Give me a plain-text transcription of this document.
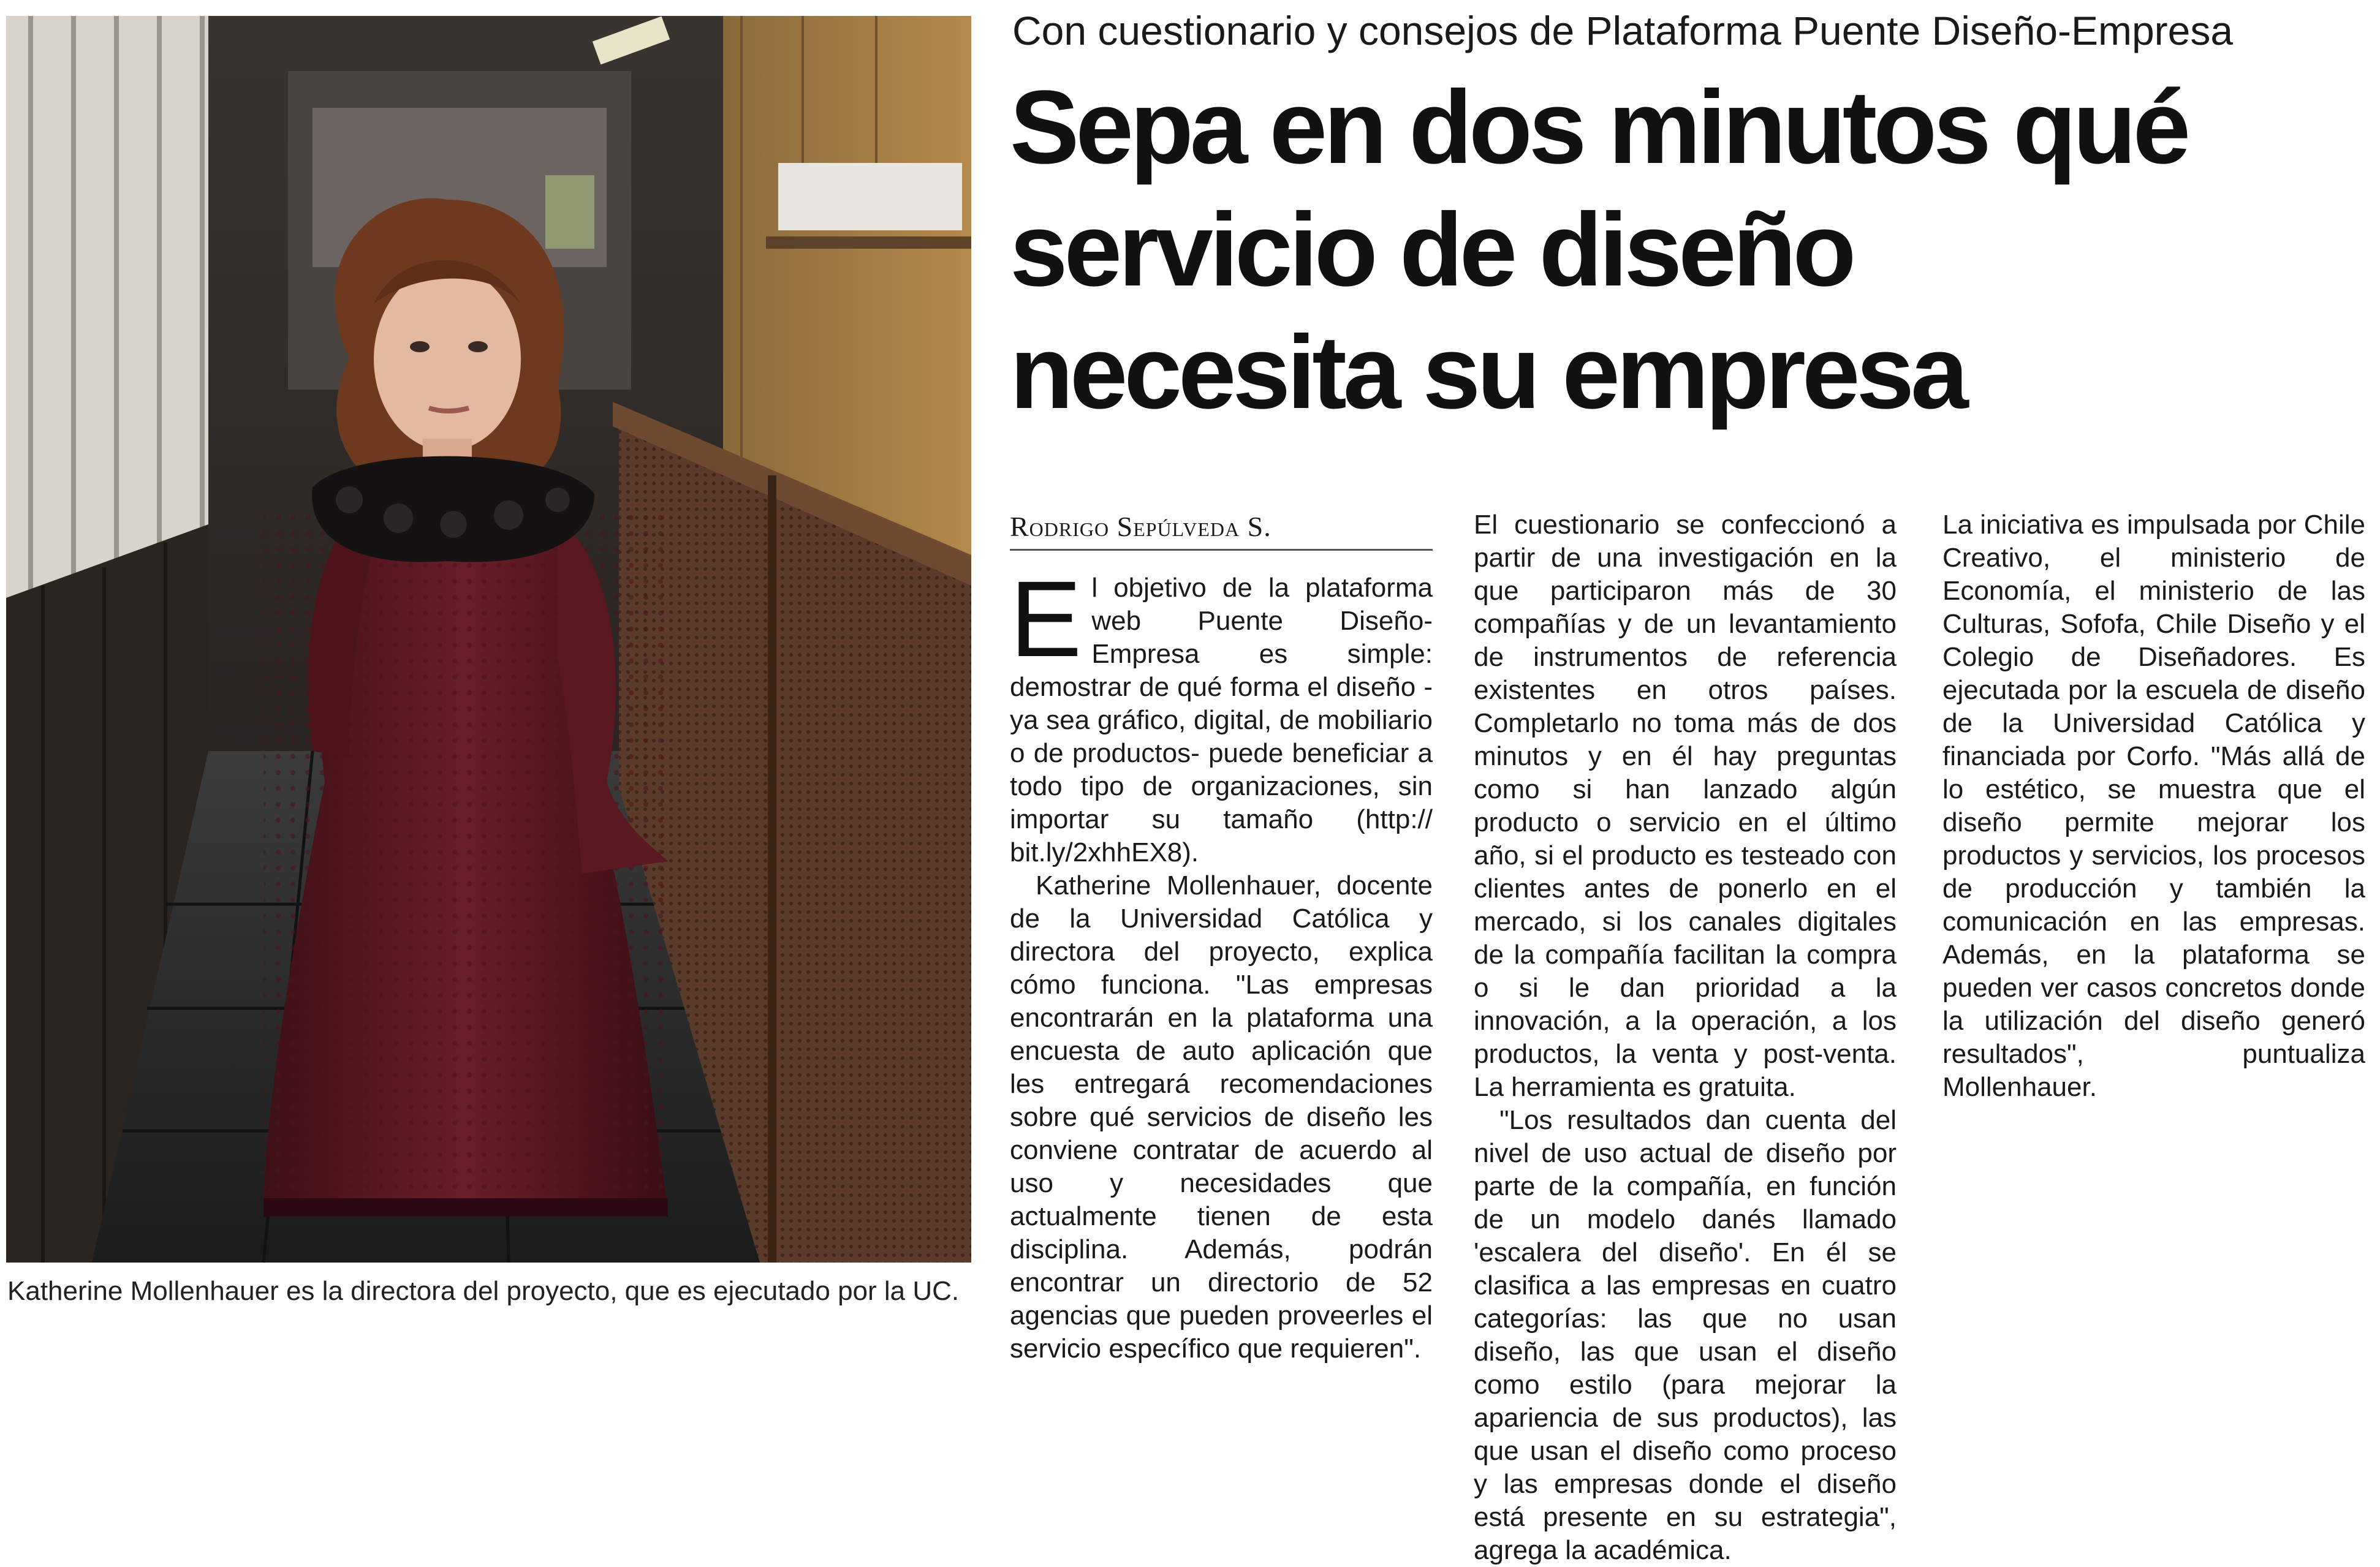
Katherine Mollenhauer es la directora del proyecto, que es ejecutado por la UC.
Con cuestionario y consejos de Plataforma Puente Diseño-Empresa
Sepa en dos minutos qué
servicio de diseño
necesita su empresa
Rodrigo Sepúlveda S.

El objetivo de la plataforma web Puente Diseño-Empresa es simple: demostrar de qué forma el diseño -ya sea gráfico, digital, de mobiliario o de productos- puede beneficiar a todo tipo de organizaciones, sin importar su tamaño (http:// bit.ly/2xhhEX8).

Katherine Mollenhauer, docente de la Universidad Católica y directora del proyecto, explica cómo funciona. "Las empresas encontrarán en la plataforma una encuesta de auto aplicación que les entregará recomendaciones sobre qué servicios de diseño les conviene contratar de acuerdo al uso y necesidades que actualmente tienen de esta disciplina. Además, podrán encontrar un directorio de 52 agencias que pueden proveerles el servicio específico que requieren".

El cuestionario se confeccionó a partir de una investigación en la que participaron más de 30 compañías y de un levantamiento de instrumentos de referencia existentes en otros países. Completarlo no toma más de dos minutos y en él hay preguntas como si han lanzado algún producto o servicio en el último año, si el producto es testeado con clientes antes de ponerlo en el mercado, si los canales digitales de la compañía facilitan la compra o si le dan prioridad a la innovación, a la operación, a los productos, la venta y post-venta. La herramienta es gratuita.

"Los resultados dan cuenta del nivel de uso actual de diseño por parte de la compañía, en función de un modelo danés llamado 'escalera del diseño'. En él se clasifica a las empresas en cuatro categorías: las que no usan diseño, las que usan el diseño como estilo (para mejorar la apariencia de sus productos), las que usan el diseño como proceso y las empresas donde el diseño está presente en su estrategia", agrega la académica.

La iniciativa es impulsada por Chile Creativo, el ministerio de Economía, el ministerio de las Culturas, Sofofa, Chile Diseño y el Colegio de Diseñadores. Es ejecutada por la escuela de diseño de la Universidad Católica y financiada por Corfo. "Más allá de lo estético, se muestra que el diseño permite mejorar los productos y servicios, los procesos de producción y también la comunicación en las empresas. Además, en la plataforma se pueden ver casos concretos donde la utilización del diseño generó resultados", puntualiza Mollenhauer.
